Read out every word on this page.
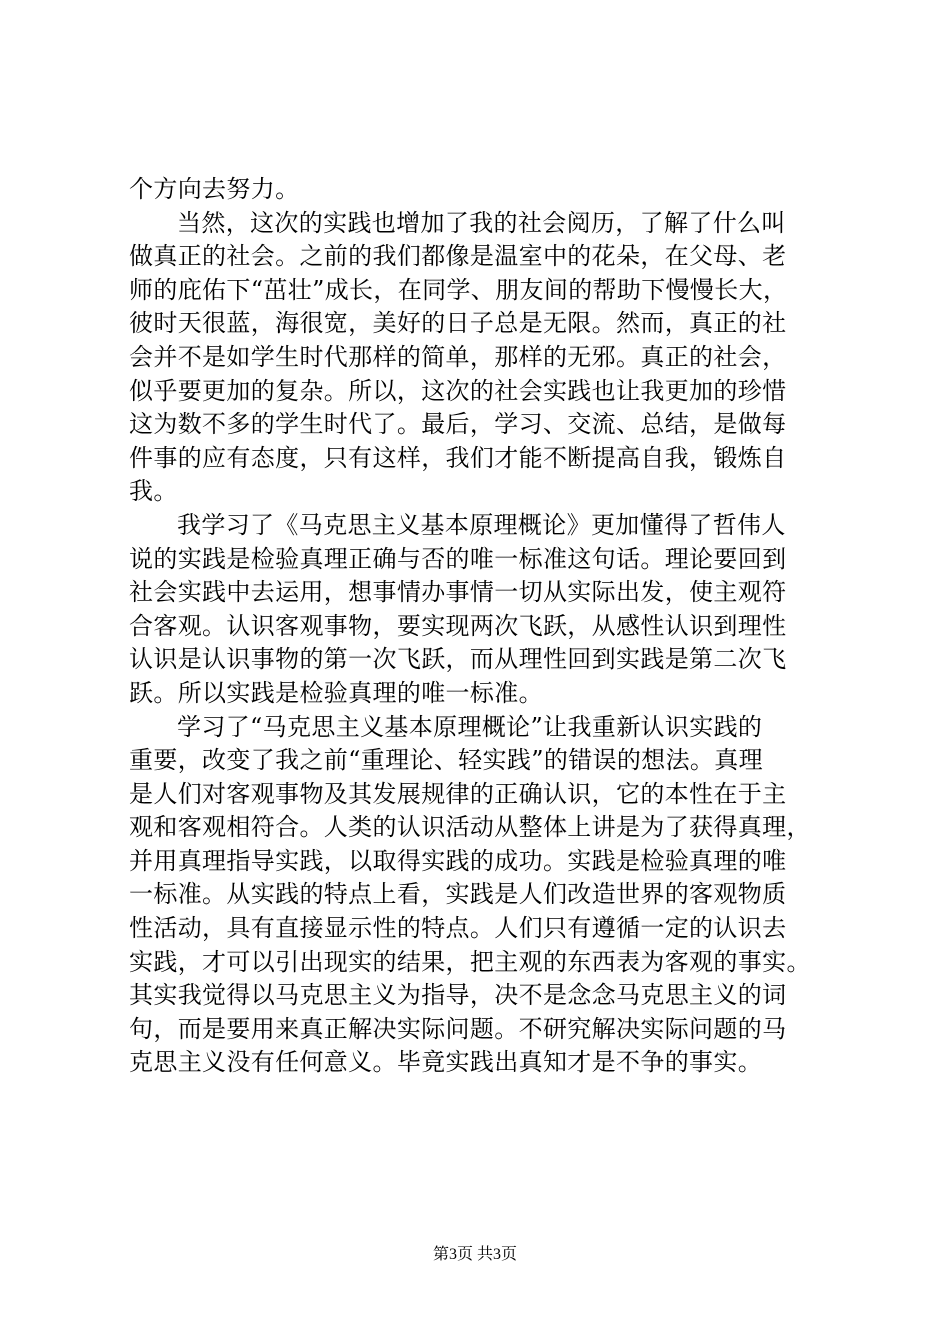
个方向去努力。
当然，这次的实践也增加了我的社会阅历，了解了什么叫
做真正的社会。之前的我们都像是温室中的花朵，在父母、老
师的庇佑下“茁壮”成长，在同学、朋友间的帮助下慢慢长大，
彼时天很蓝，海很宽，美好的日子总是无限。然而，真正的社
会并不是如学生时代那样的简单，那样的无邪。真正的社会，
似乎要更加的复杂。所以，这次的社会实践也让我更加的珍惜
这为数不多的学生时代了。最后，学习、交流、总结，是做每
件事的应有态度，只有这样，我们才能不断提高自我，锻炼自
我。
我学习了《马克思主义基本原理概论》更加懂得了哲伟人
说的实践是检验真理正确与否的唯一标准这句话。理论要回到
社会实践中去运用，想事情办事情一切从实际出发，使主观符
合客观。认识客观事物，要实现两次飞跃，从感性认识到理性
认识是认识事物的第一次飞跃，而从理性回到实践是第二次飞
跃。所以实践是检验真理的唯一标准。
学习了“马克思主义基本原理概论”让我重新认识实践的
重要，改变了我之前“重理论、轻实践”的错误的想法。真理
是人们对客观事物及其发展规律的正确认识，它的本性在于主
观和客观相符合。人类的认识活动从整体上讲是为了获得真理，
并用真理指导实践，以取得实践的成功。实践是检验真理的唯
一标准。从实践的特点上看，实践是人们改造世界的客观物质
性活动，具有直接显示性的特点。人们只有遵循一定的认识去
实践，才可以引出现实的结果，把主观的东西表为客观的事实。
其实我觉得以马克思主义为指导，决不是念念马克思主义的词
句，而是要用来真正解决实际问题。不研究解决实际问题的马
克思主义没有任何意义。毕竟实践出真知才是不争的事实。
第3页 共3页
